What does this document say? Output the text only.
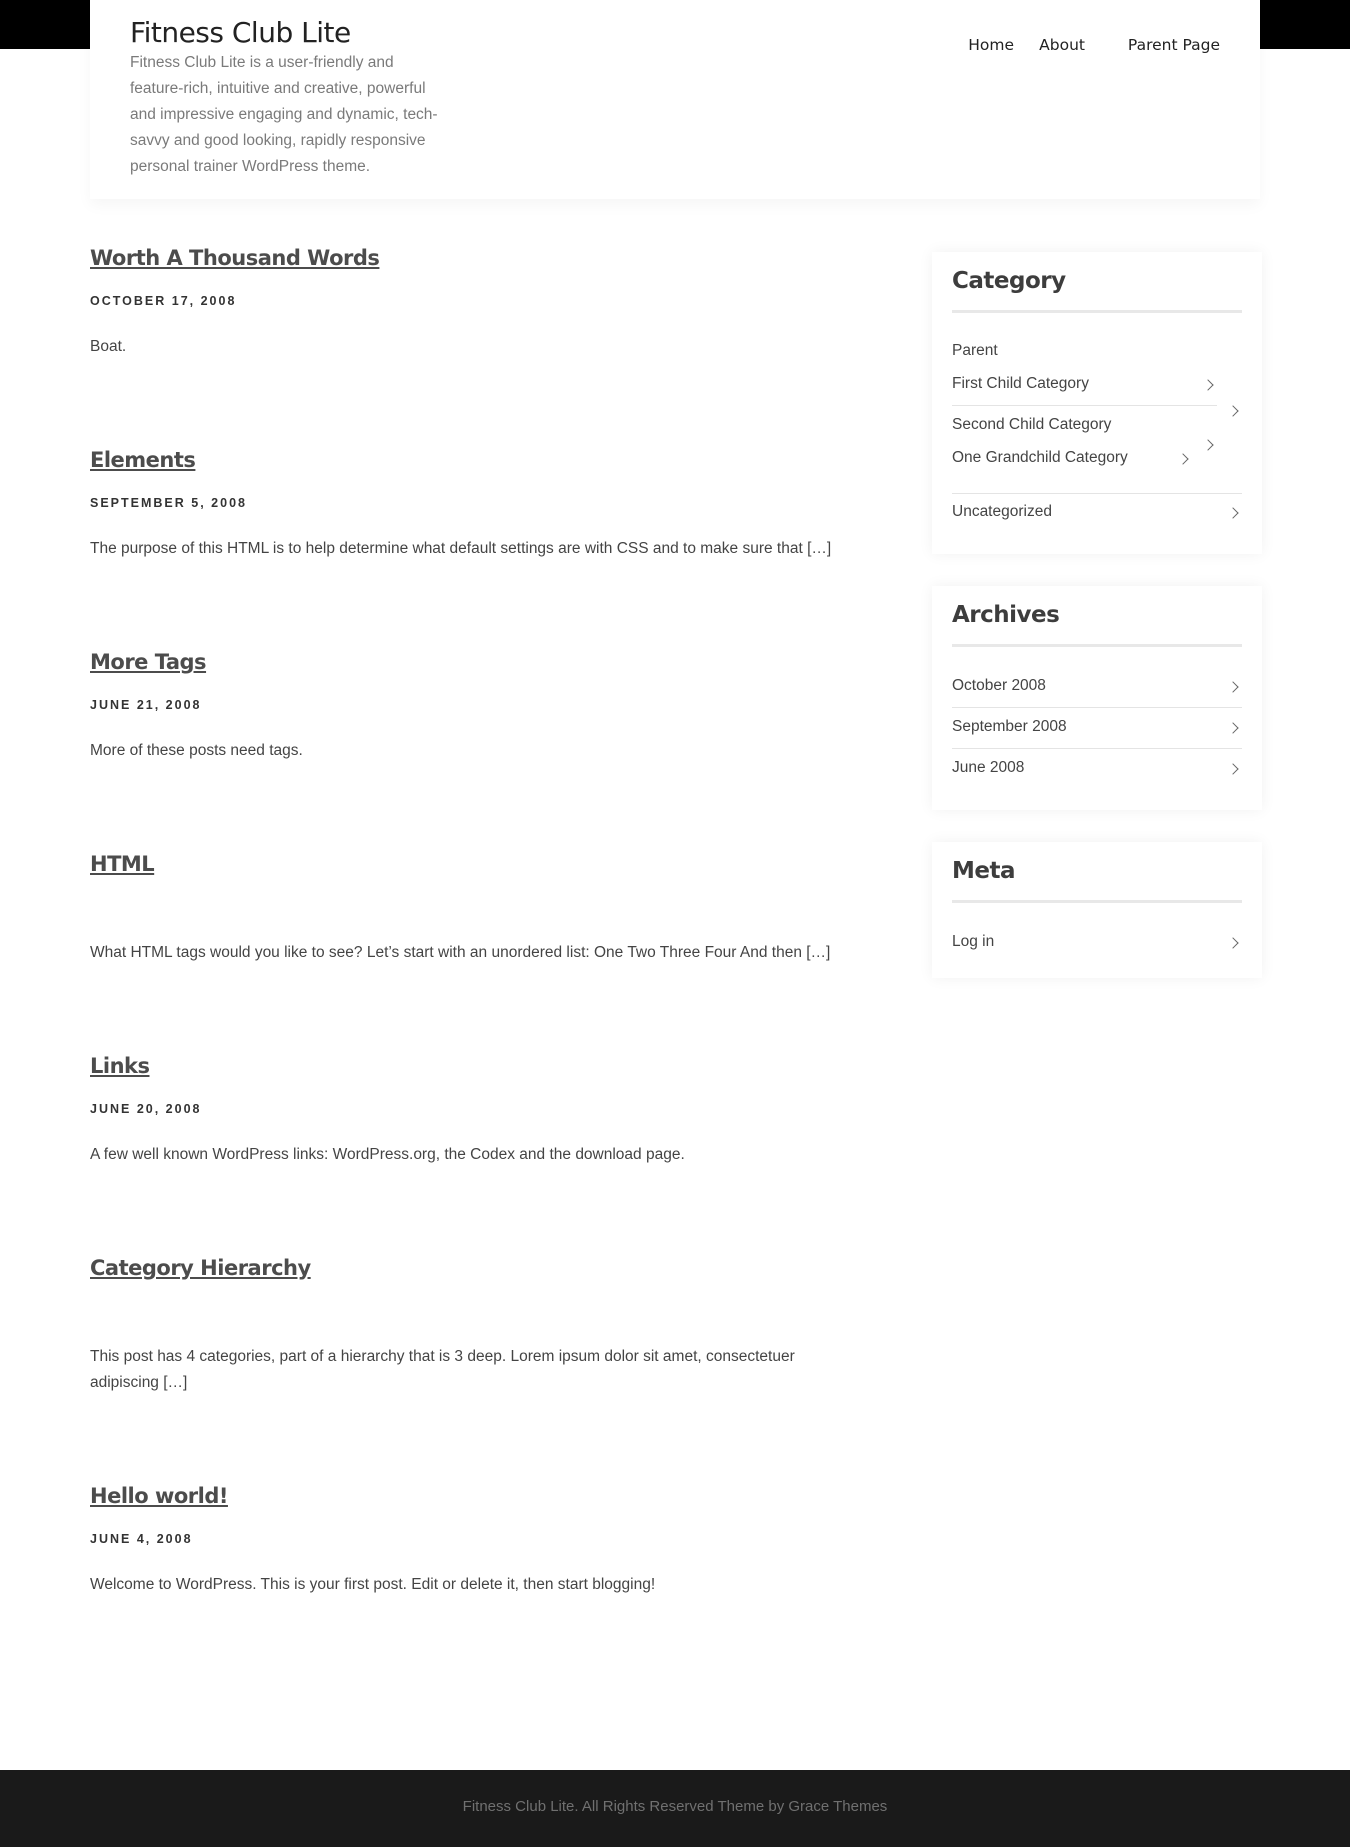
Fitness Club Lite

Fitness Club Lite is a user-friendly and feature-rich, intuitive and creative, powerful and impressive engaging and dynamic, tech-savvy and good looking, rapidly responsive personal trainer WordPress theme.

Home About	Parent Page
Worth A Thousand Words
OCTOBER 17, 2008

Boat.

Elements
SEPTEMBER 5, 2008

The purpose of this HTML is to help determine what default settings are with CSS and to make sure that […]

More Tags
JUNE 21, 2008

More of these posts need tags.

HTML

What HTML tags would you like to see? Let’s start with an unordered list: One Two Three Four And then […]

Links
JUNE 20, 2008

A few well known WordPress links: WordPress.org, the Codex and the download page.

Category Hierarchy

This post has 4 categories, part of a hierarchy that is 3 deep. Lorem ipsum dolor sit amet, consectetuer adipiscing […]

Hello world!
JUNE 4, 2008

Welcome to WordPress. This is your first post. Edit or delete it, then start blogging!

Category
Parent
First Child Category
Second Child Category
One Grandchild Category
Uncategorized
Archives
October 2008
September 2008
June 2008
Meta
Log in
Fitness Club Lite. All Rights Reserved Theme by Grace Themes
